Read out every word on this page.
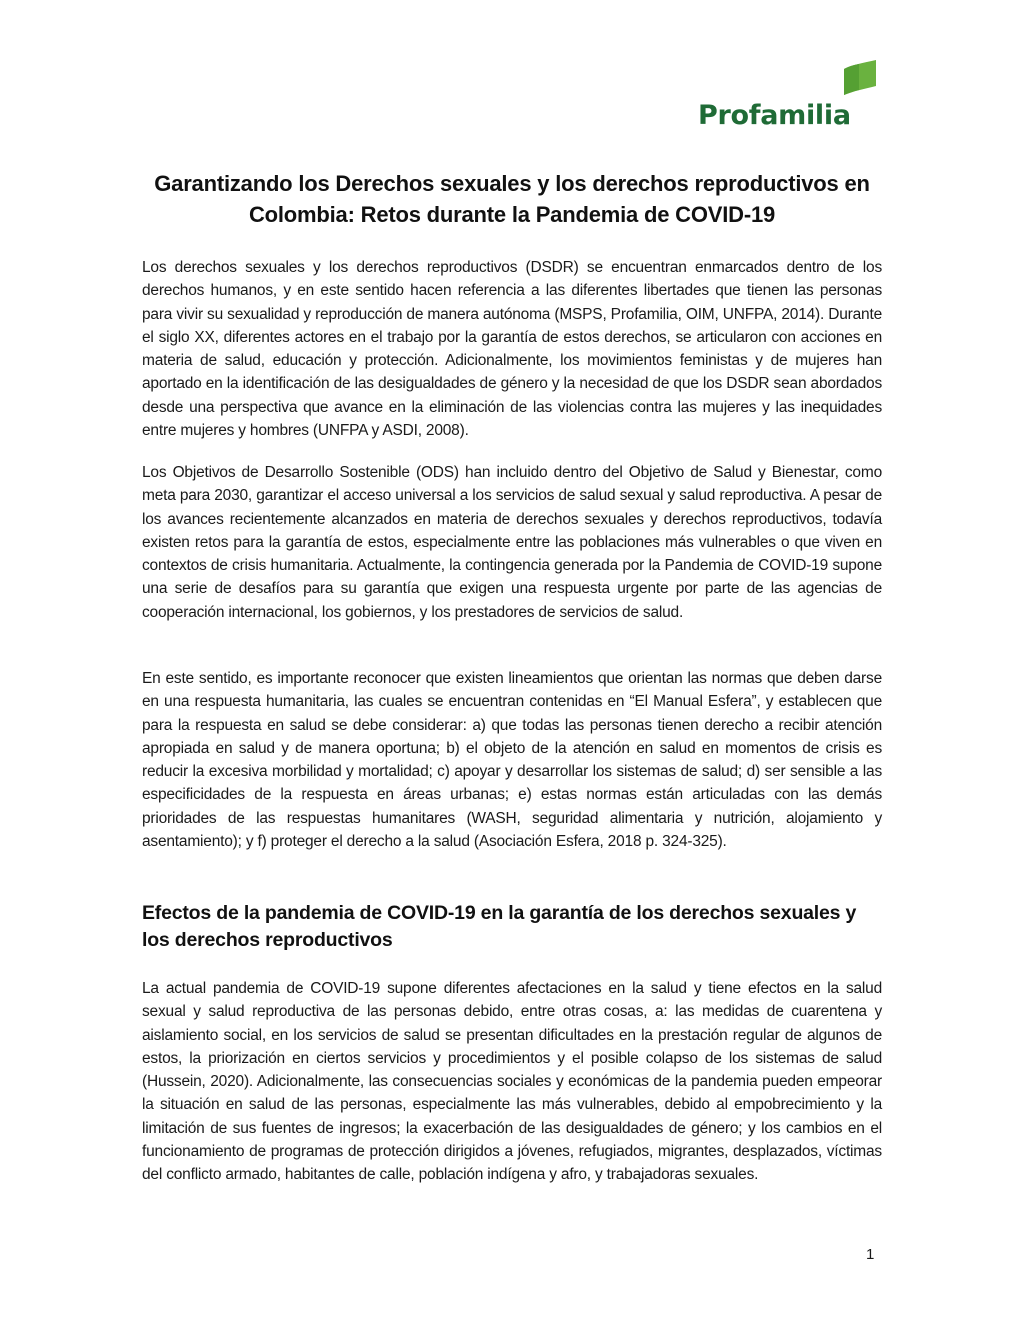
Profamilia
Garantizando los Derechos sexuales y los derechos reproductivos en Colombia: Retos durante la Pandemia de COVID-19

Los derechos sexuales y los derechos reproductivos (DSDR) se encuentran enmarcados dentro de los derechos humanos, y en este sentido hacen referencia a las diferentes libertades que tienen las personas para vivir su sexualidad y reproducción de manera autónoma (MSPS, Profamilia, OIM, UNFPA, 2014). Durante el siglo XX, diferentes actores en el trabajo por la garantía de estos derechos, se articularon con acciones en materia de salud, educación y protección. Adicionalmente, los movimientos feministas y de mujeres han aportado en la identificación de las desigualdades de género y la necesidad de que los DSDR sean abordados desde una perspectiva que avance en la eliminación de las violencias contra las mujeres y las inequidades entre mujeres y hombres (UNFPA y ASDI, 2008).

Los Objetivos de Desarrollo Sostenible (ODS) han incluido dentro del Objetivo de Salud y Bienestar, como meta para 2030, garantizar el acceso universal a los servicios de salud sexual y salud reproductiva. A pesar de los avances recientemente alcanzados en materia de derechos sexuales y derechos reproductivos, todavía existen retos para la garantía de estos, especialmente entre las poblaciones más vulnerables o que viven en contextos de crisis humanitaria. Actualmente, la contingencia generada por la Pandemia de COVID-19 supone una serie de desafíos para su garantía que exigen una respuesta urgente por parte de las agencias de cooperación internacional, los gobiernos, y los prestadores de servicios de salud.

En este sentido, es importante reconocer que existen lineamientos que orientan las normas que deben darse en una respuesta humanitaria, las cuales se encuentran contenidas en “El Manual Esfera”, y establecen que para la respuesta en salud se debe considerar: a) que todas las personas tienen derecho a recibir atención apropiada en salud y de manera oportuna; b) el objeto de la atención en salud en momentos de crisis es reducir la excesiva morbilidad y mortalidad; c) apoyar y desarrollar los sistemas de salud; d) ser sensible a las especificidades de la respuesta en áreas urbanas; e) estas normas están articuladas con las demás prioridades de las respuestas humanitares (WASH, seguridad alimentaria y nutrición, alojamiento y asentamiento); y f) proteger el derecho a la salud (Asociación Esfera, 2018 p. 324-325).

Efectos de la pandemia de COVID-19 en la garantía de los derechos sexuales y los derechos reproductivos

La actual pandemia de COVID-19 supone diferentes afectaciones en la salud y tiene efectos en la salud sexual y salud reproductiva de las personas debido, entre otras cosas, a: las medidas de cuarentena y aislamiento social, en los servicios de salud se presentan dificultades en la prestación regular de algunos de estos, la priorización en ciertos servicios y procedimientos y el posible colapso de los sistemas de salud (Hussein, 2020). Adicionalmente, las consecuencias sociales y económicas de la pandemia pueden empeorar la situación en salud de las personas, especialmente las más vulnerables, debido al empobrecimiento y la limitación de sus fuentes de ingresos; la exacerbación de las desigualdades de género; y los cambios en el funcionamiento de programas de protección dirigidos a jóvenes, refugiados, migrantes, desplazados, víctimas del conflicto armado, habitantes de calle, población indígena y afro, y trabajadoras sexuales.

1
